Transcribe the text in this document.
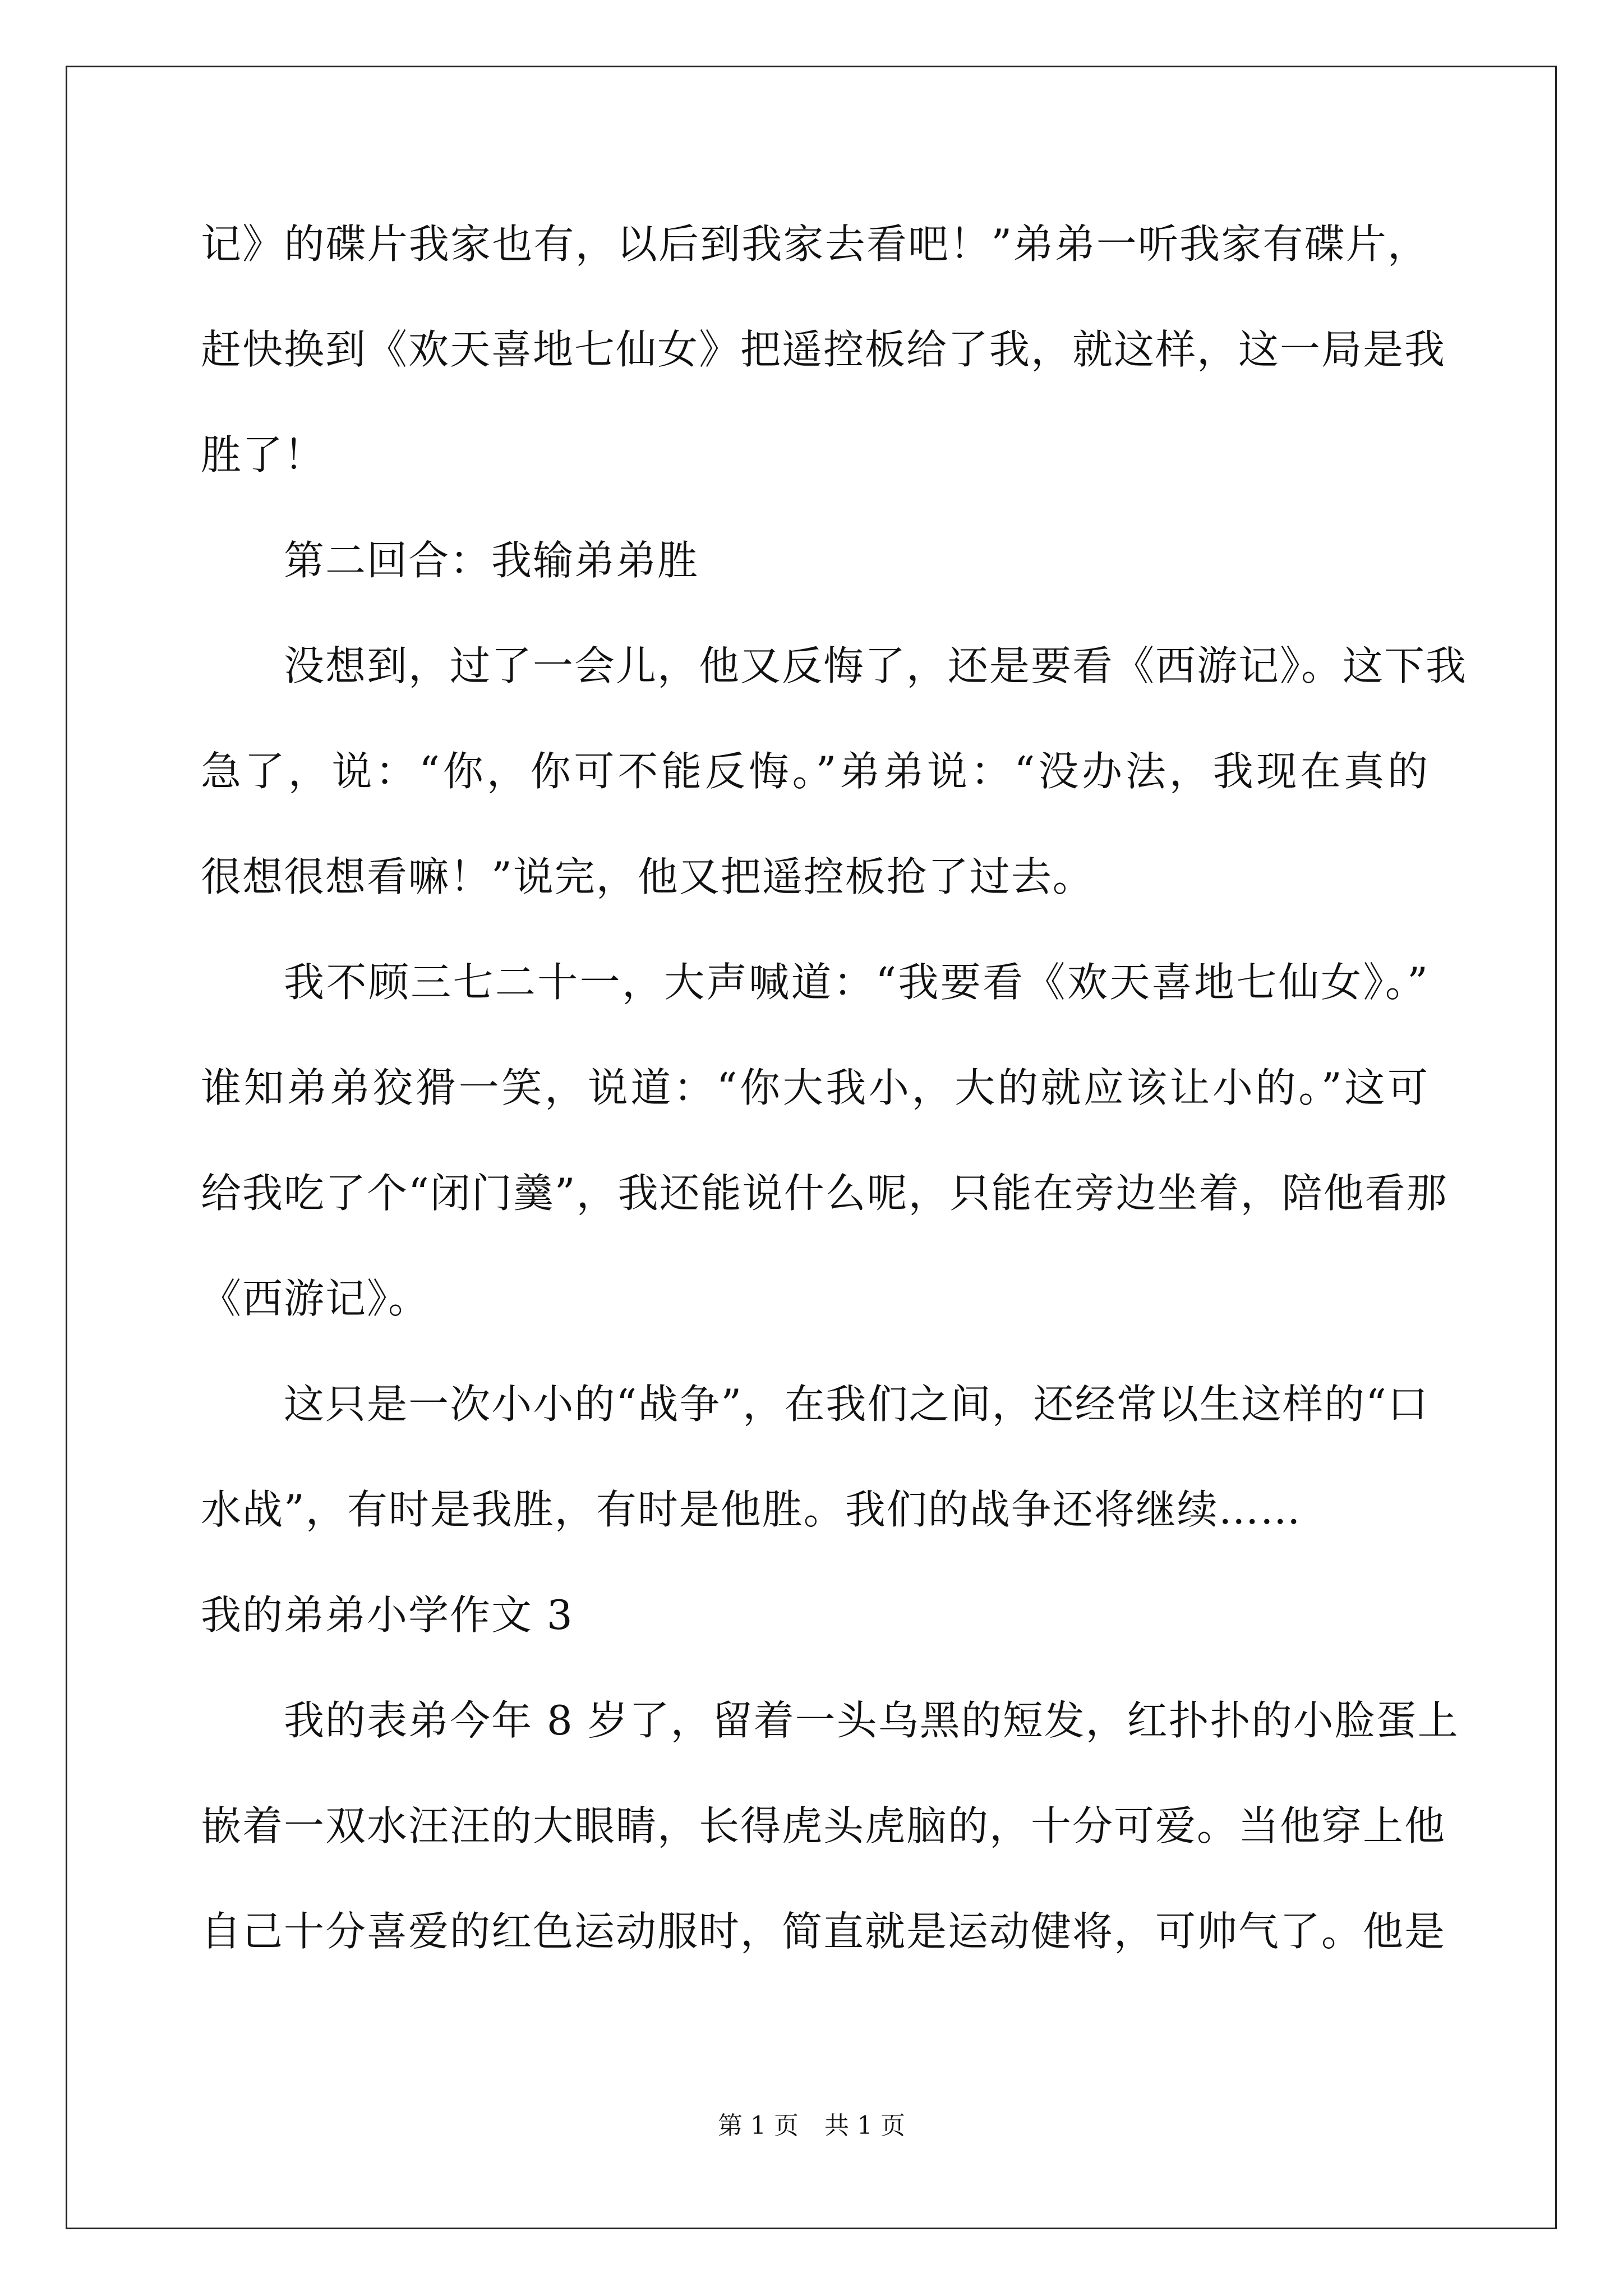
记》的碟片我家也有，以后到我家去看吧！”弟弟一听我家有碟片，
赶快换到《欢天喜地七仙女》把遥控板给了我，就这样，这一局是我
胜了！
第二回合：我输弟弟胜
没想到，过了一会儿，他又反悔了，还是要看《西游记》。这下我
急了，说：“你，你可不能反悔。”弟弟说：“没办法，我现在真的
很想很想看嘛！”说完，他又把遥控板抢了过去。
我不顾三七二十一，大声喊道：“我要看《欢天喜地七仙女》。”
谁知弟弟狡猾一笑，说道：“你大我小，大的就应该让小的。”这可
给我吃了个“闭门羹”，我还能说什么呢，只能在旁边坐着，陪他看那
《西游记》。
这只是一次小小的“战争”，在我们之间，还经常以生这样的“口
水战”，有时是我胜，有时是他胜。我们的战争还将继续……
我的弟弟小学作文 3
我的表弟今年 8 岁了，留着一头乌黑的短发，红扑扑的小脸蛋上
嵌着一双水汪汪的大眼睛，长得虎头虎脑的，十分可爱。当他穿上他
自己十分喜爱的红色运动服时，简直就是运动健将，可帅气了。他是
第 1 页 共 1 页
